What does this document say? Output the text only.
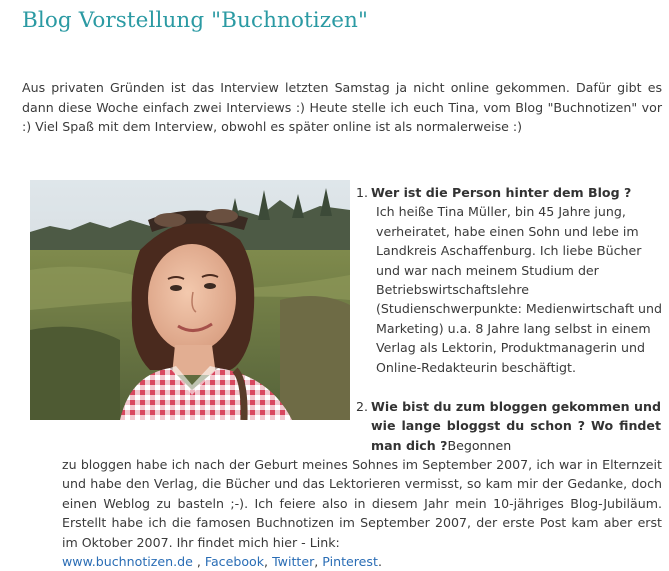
Blog Vorstellung "Buchnotizen"

Aus privaten Gründen ist das Interview letzten Samstag ja nicht online gekommen. Dafür gibt es dann diese Woche einfach zwei Interviews :) Heute stelle ich euch Tina, vom Blog "Buchnotizen" vor :) Viel Spaß mit dem Interview, obwohl es später online ist als normalerweise :)

1. Wer ist die Person hinter dem Blog ?
Ich heiße Tina Müller, bin 45 Jahre jung, verheiratet, habe einen Sohn und lebe im Landkreis Aschaffenburg. Ich liebe Bücher und war nach meinem Studium der Betriebswirtschaftslehre (Studienschwerpunkte: Medienwirtschaft und Marketing) u.a. 8 Jahre lang selbst in einem Verlag als Lektorin, Produktmanagerin und Online-Redakteurin beschäftigt.
2. Wie bist du zum bloggen gekommen und wie lange bloggst du schon ? Wo findet man dich ?Begonnen
zu bloggen habe ich nach der Geburt meines Sohnes im September 2007, ich war in Elternzeit und habe den Verlag, die Bücher und das Lektorieren vermisst, so kam mir der Gedanke, doch einen Weblog zu basteln ;-). Ich feiere also in diesem Jahr mein 10-jähriges Blog-Jubiläum. Erstellt habe ich die famosen Buchnotizen im September 2007, der erste Post kam aber erst im Oktober 2007. Ihr findet mich hier - Link:
www.buchnotizen.de , Facebook, Twitter, Pinterest.
